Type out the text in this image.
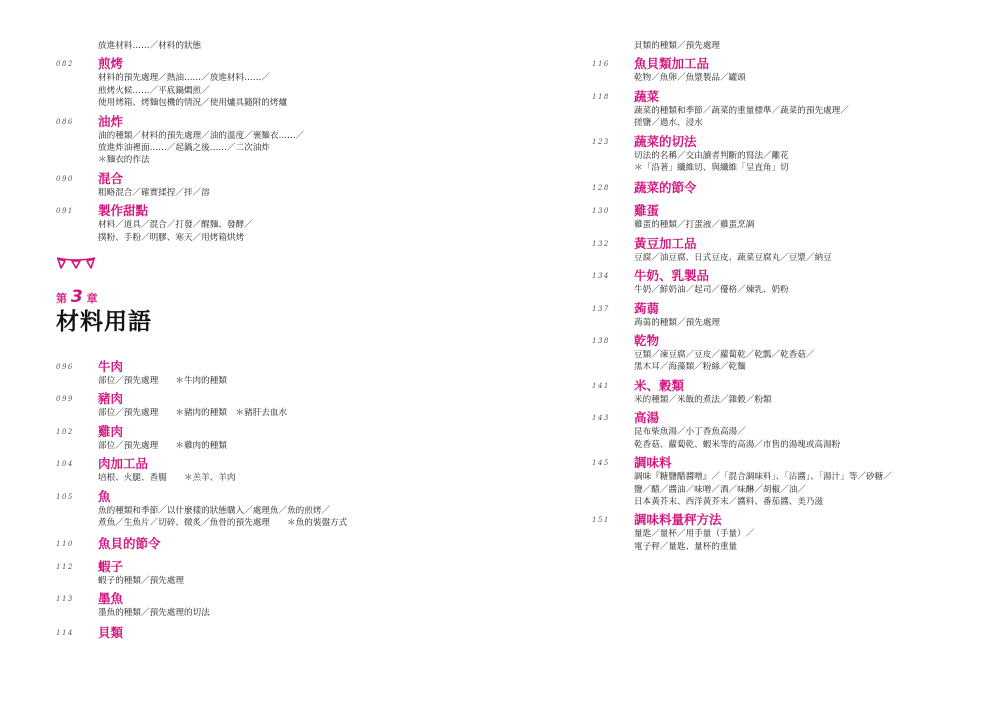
放進材料……／材料的狀態
082 煎烤
材料的預先處理／熱油……／放進材料……／
煎烤火候……／平底鍋燜煎／
使用烤箱、烤麵包機的情況／使用爐具隨附的烤爐
086 油炸
油的種類／材料的預先處理／油的溫度／裹麵衣……／
放進炸油裡面……／起鍋之後……／二次油炸
＊麵衣的作法
090 混合
粗略混合／確實揉捏／拌／溶
091 製作甜點
材料／道具／混合／打發／醒麵、發酵／
撲粉、手粉／明膠、寒天／用烤箱烘烤
第 3 章
材料用語
096 牛肉
部位／預先處理　　＊牛肉的種類
099 豬肉
部位／預先處理　　＊豬肉的種類　＊豬肝去血水
102 雞肉
部位／預先處理　　＊雞肉的種類
104 肉加工品
培根、火腿、香腸　　＊羔羊、羊肉
105 魚
魚的種類和季節／以什麼樣的狀態購入／處理魚／魚的煎烤／
煮魚／生魚片／切碎、微炙／魚骨的預先處理　　＊魚的裝盤方式
110 魚貝的節令
112 蝦子
蝦子的種類／預先處理
113 墨魚
墨魚的種類／預先處理的切法
114 貝類
貝類的種類／預先處理
116 魚貝類加工品
乾物／魚卵／魚漿製品／罐頭
118 蔬菜
蔬菜的種類和季節／蔬菜的重量標準／蔬菜的預先處理／
搓鹽／過水、浸水
123 蔬菜的切法
切法的名稱／交由讀者判斷的寫法／離花
＊「沿著」纖維切、與纖維「呈直角」切
128 蔬菜的節令
130 雞蛋
雞蛋的種類／打蛋液／雞蛋烹調
132 黃豆加工品
豆腐／油豆腐、日式豆皮、蔬菜豆腐丸／豆漿／納豆
134 牛奶、乳製品
牛奶／鮮奶油／起司／優格／煉乳、奶粉
137 蒟蒻
蒟蒻的種類／預先處理
138 乾物
豆類／凍豆腐／豆皮／蘿蔔乾／乾瓢／乾香菇／
黑木耳／海藻類／粉絲／乾麵
141 米、穀類
米的種類／米飯的煮法／雜穀／粉類
143 高湯
昆布柴魚湯／小丁香魚高湯／
乾香菇、蘿蔔乾、蝦米等的高湯／市售的湯塊或高湯粉
145 調味料
調味『糖鹽醋醬噌』／「混合調味料」、「沾醬」、「湯汁」等／砂糖／
鹽／醋／醬油／味噌／酒／味醂／胡椒／油／
日本黃芥末、西洋黃芥末／醬料、番茄醬、美乃滋
151 調味料量秤方法
量匙／量杯／用手量（手量）／
電子秤／量匙、量杯的重量
